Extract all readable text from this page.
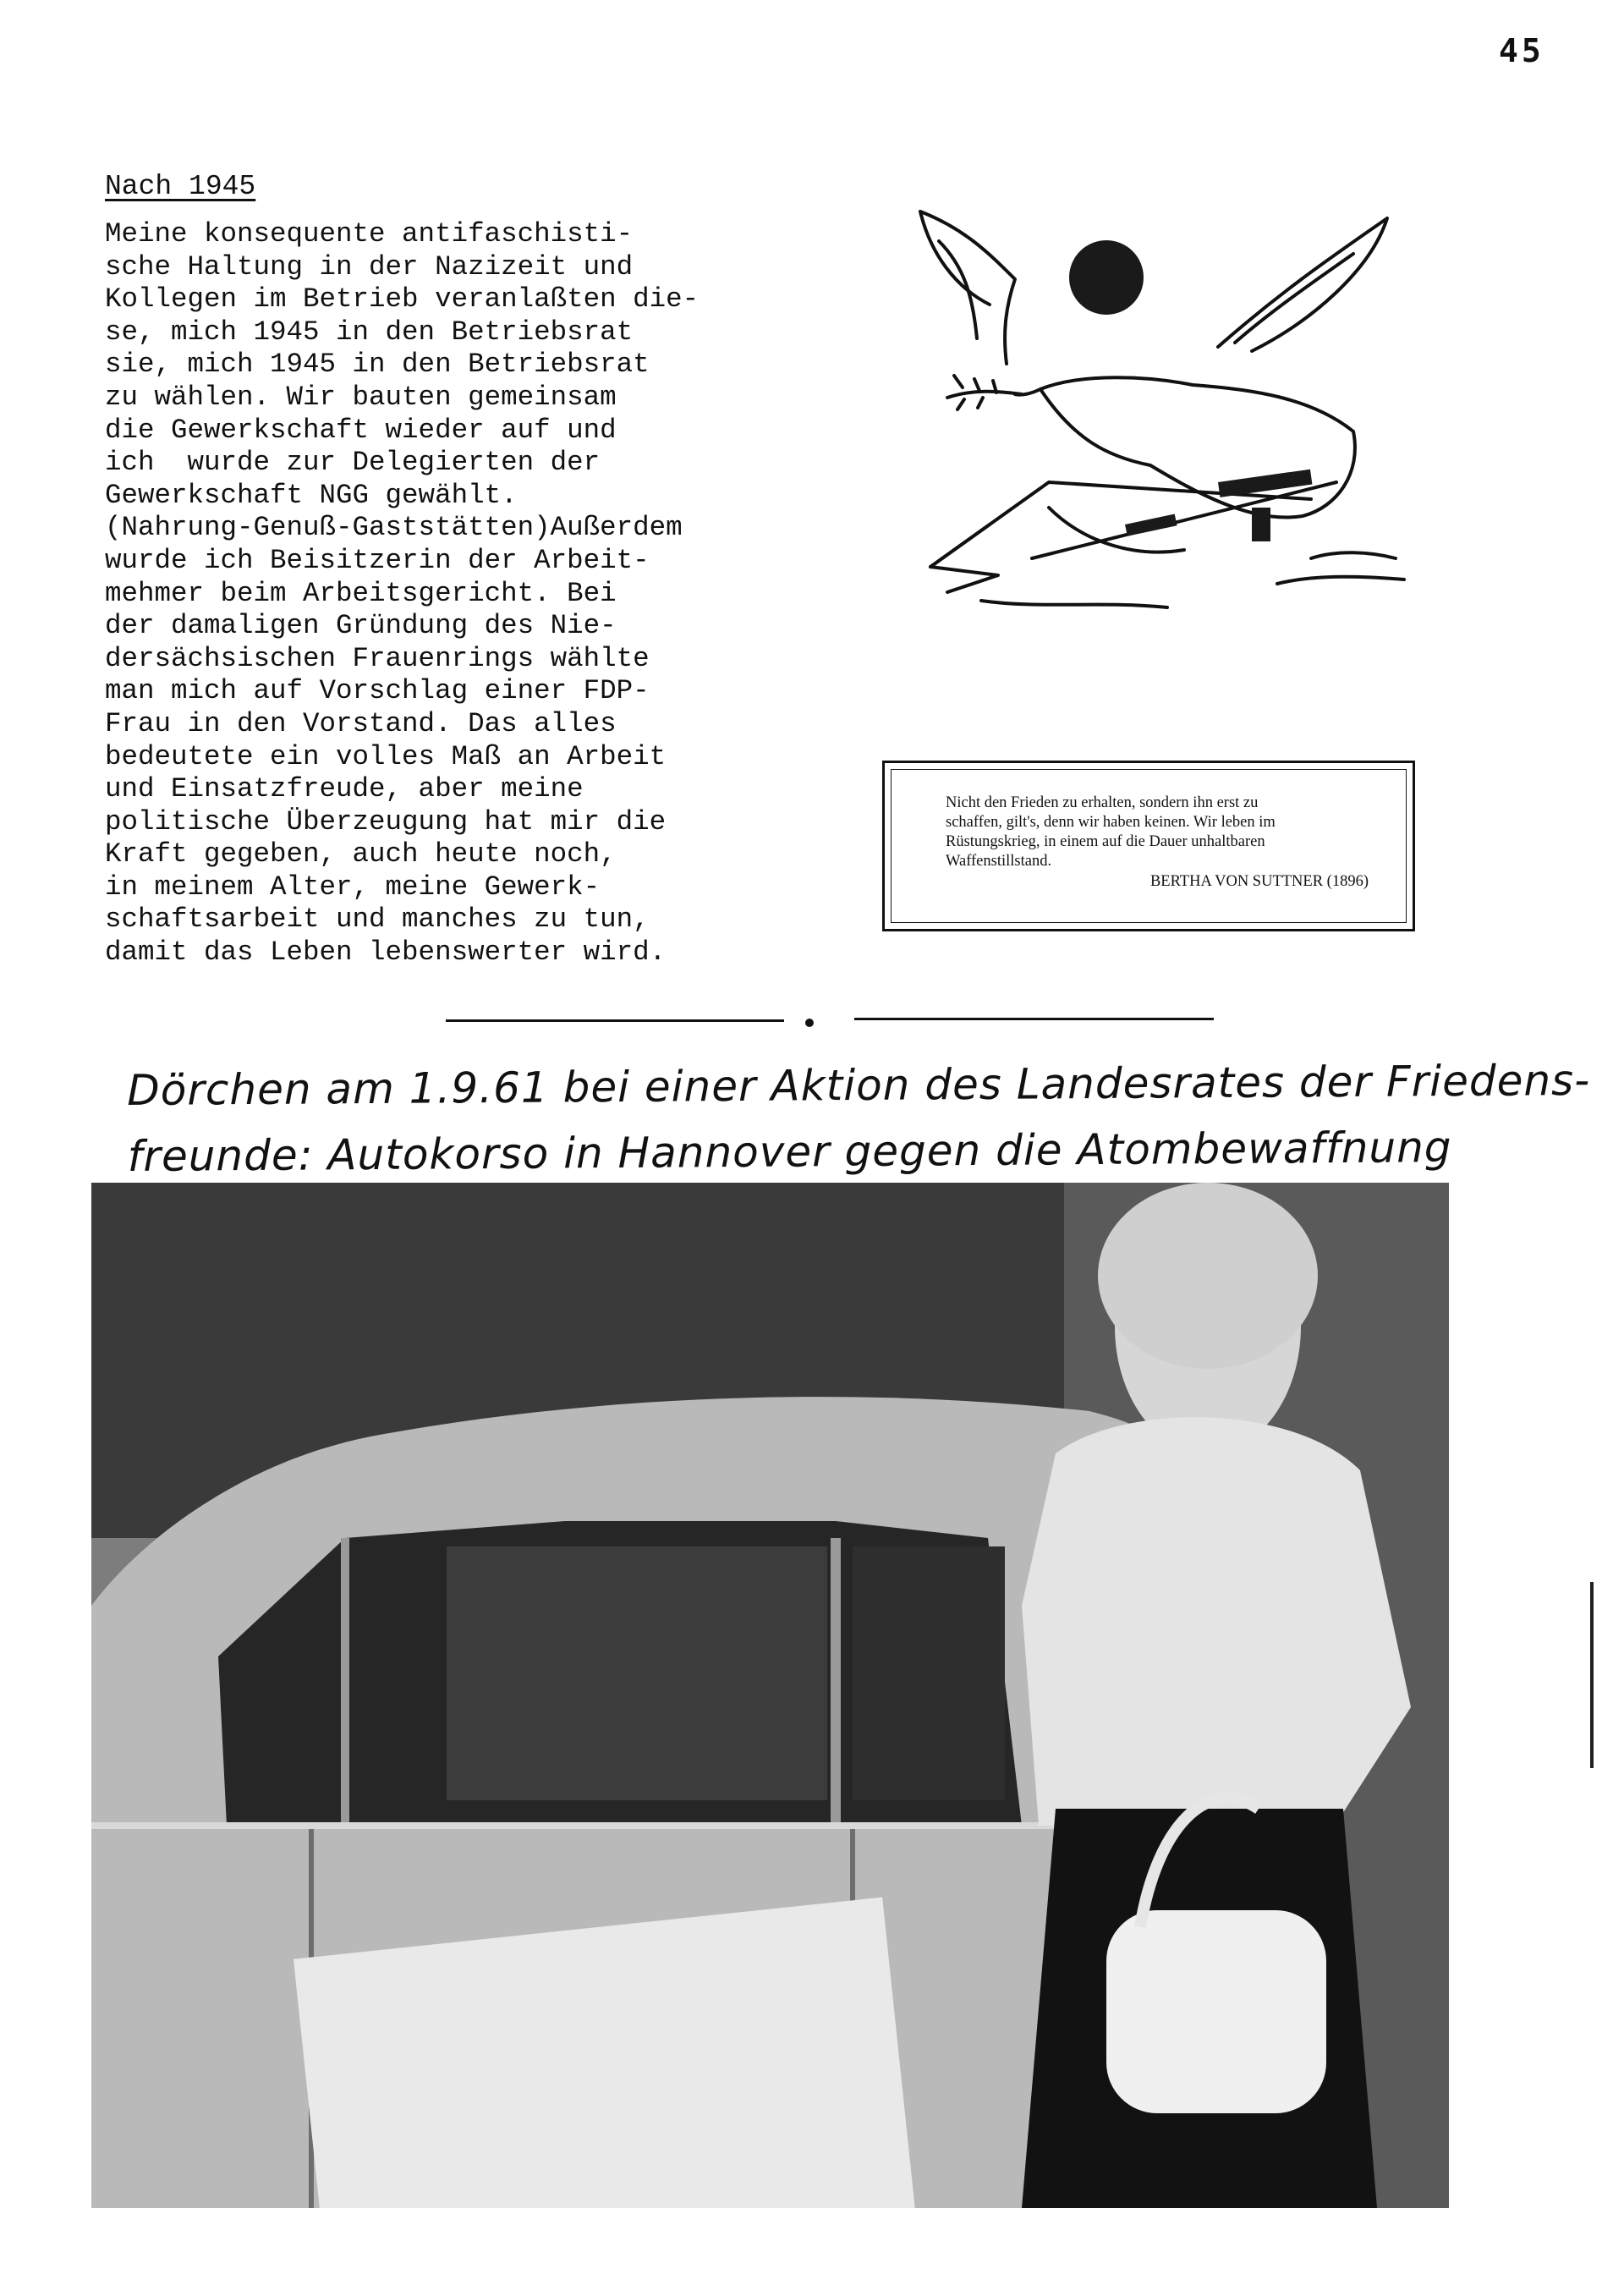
45
Nach 1945
Meine konsequente antifaschisti-
sche Haltung in der Nazizeit und
Kollegen im Betrieb veranlaßten die-
se, mich 1945 in den Betriebsrat
sie, mich 1945 in den Betriebsrat
zu wählen. Wir bauten gemeinsam
die Gewerkschaft wieder auf und
ich  wurde zur Delegierten der
Gewerkschaft NGG gewählt.
(Nahrung-Genuß-Gaststätten)Außerdem
wurde ich Beisitzerin der Arbeit-
mehmer beim Arbeitsgericht. Bei
der damaligen Gründung des Nie-
dersächsischen Frauenrings wählte
man mich auf Vorschlag einer FDP-
Frau in den Vorstand. Das alles
bedeutete ein volles Maß an Arbeit
und Einsatzfreude, aber meine
politische Überzeugung hat mir die
Kraft gegeben, auch heute noch,
in meinem Alter, meine Gewerk-
schaftsarbeit und manches zu tun,
damit das Leben lebenswerter wird.
Nicht den Frieden zu erhalten, sondern ihn erst zu
schaffen, gilt's, denn wir haben keinen. Wir leben im
Rüstungskrieg, in einem auf die Dauer unhaltbaren
Waffenstillstand.
BERTHA VON SUTTNER (1896)
Dörchen am 1.9.61 bei einer Aktion des Landesrates der Friedens-
freunde: Autokorso in Hannover gegen die Atombewaffnung
